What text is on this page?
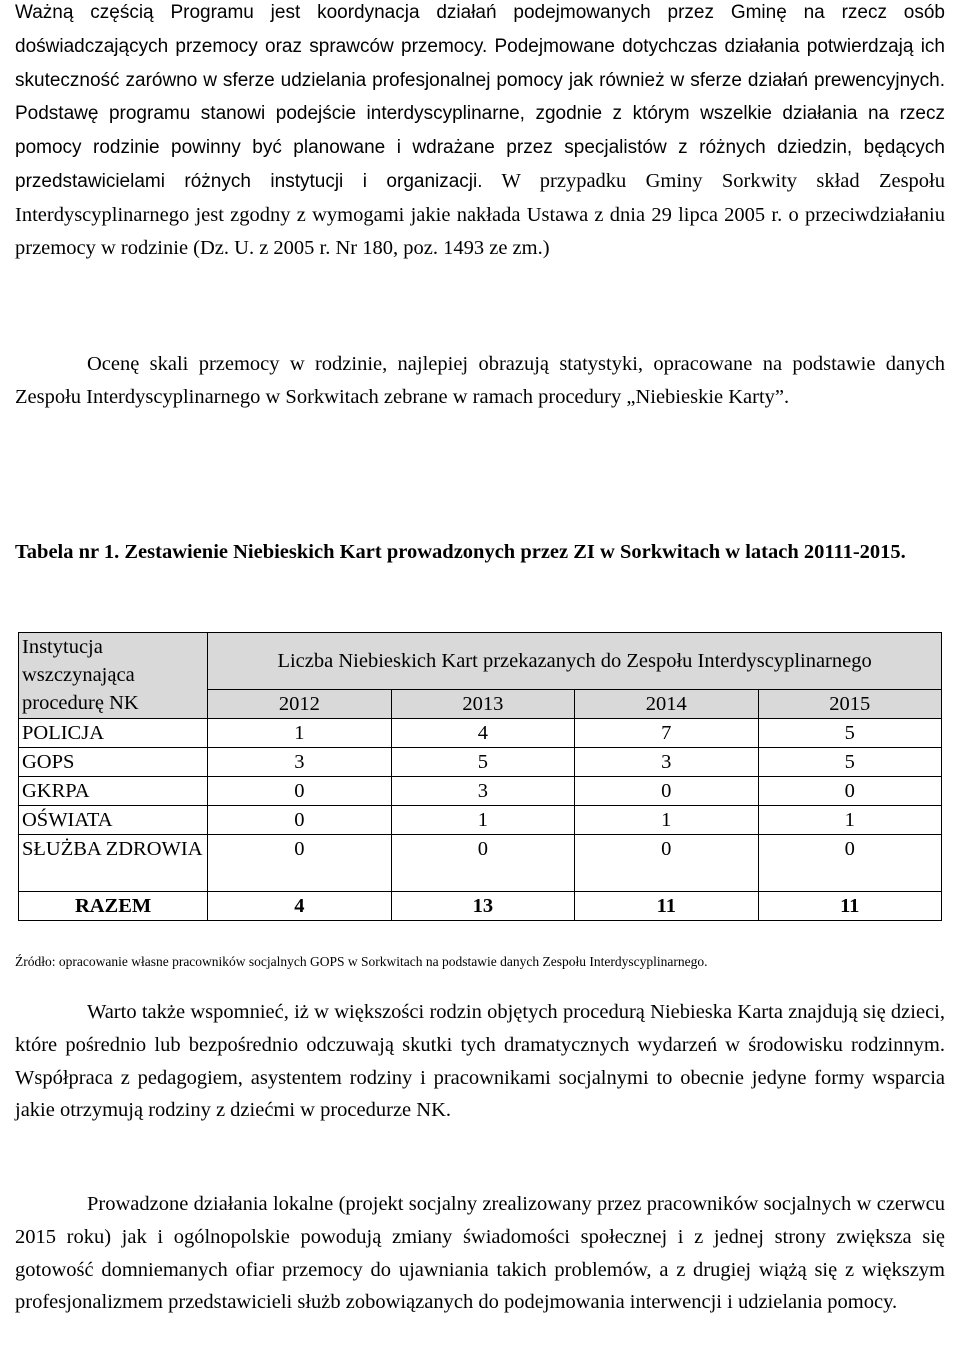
Ważną częścią Programu jest koordynacja działań podejmowanych przez Gminę na rzecz osób doświadczających przemocy oraz sprawców przemocy. Podejmowane dotychczas działania potwierdzają ich skuteczność zarówno w sferze udzielania profesjonalnej pomocy jak również w sferze działań prewencyjnych. Podstawę programu stanowi podejście interdyscyplinarne, zgodnie z którym wszelkie działania na rzecz pomocy rodzinie powinny być planowane i wdrażane przez specjalistów z różnych dziedzin, będących przedstawicielami różnych instytucji i organizacji. W przypadku Gminy Sorkwity skład Zespołu Interdyscyplinarnego jest zgodny z wymogami jakie nakłada Ustawa z dnia 29 lipca 2005 r. o przeciwdziałaniu przemocy w rodzinie (Dz. U. z 2005 r. Nr 180, poz. 1493 ze zm.)

Ocenę skali przemocy w rodzinie, najlepiej obrazują statystyki, opracowane na podstawie danych Zespołu Interdyscyplinarnego w Sorkwitach zebrane w ramach procedury „Niebieskie Karty”.

Tabela nr 1. Zestawienie Niebieskich Kart prowadzonych przez ZI w Sorkwitach w latach 20111-2015.

Instytucja wszczynająca procedurę NK	Liczba Niebieskich Kart przekazanych do Zespołu Interdyscyplinarnego			
	2012	2013	2014	2015
POLICJA	1	4	7	5
GOPS	3	5	3	5
GKRPA	0	3	0	0
OŚWIATA	0	1	1	1
SŁUŻBA ZDROWIA	0	0	0	0
RAZEM	4	13	11	11

Źródło: opracowanie własne pracowników socjalnych GOPS w Sorkwitach na podstawie danych Zespołu Interdyscyplinarnego.

Warto także wspomnieć, iż w większości rodzin objętych procedurą Niebieska Karta znajdują się dzieci, które pośrednio lub bezpośrednio odczuwają skutki tych dramatycznych wydarzeń w środowisku rodzinnym. Współpraca z pedagogiem, asystentem rodziny i pracownikami socjalnymi to obecnie jedyne formy wsparcia jakie otrzymują rodziny z dziećmi w procedurze NK.

Prowadzone działania lokalne (projekt socjalny zrealizowany przez pracowników socjalnych w czerwcu 2015 roku) jak i ogólnopolskie powodują zmiany świadomości społecznej i z jednej strony zwiększa się gotowość domniemanych ofiar przemocy do ujawniania takich problemów, a z drugiej wiążą się z większym profesjonalizmem przedstawicieli służb zobowiązanych do podejmowania interwencji i udzielania pomocy.
